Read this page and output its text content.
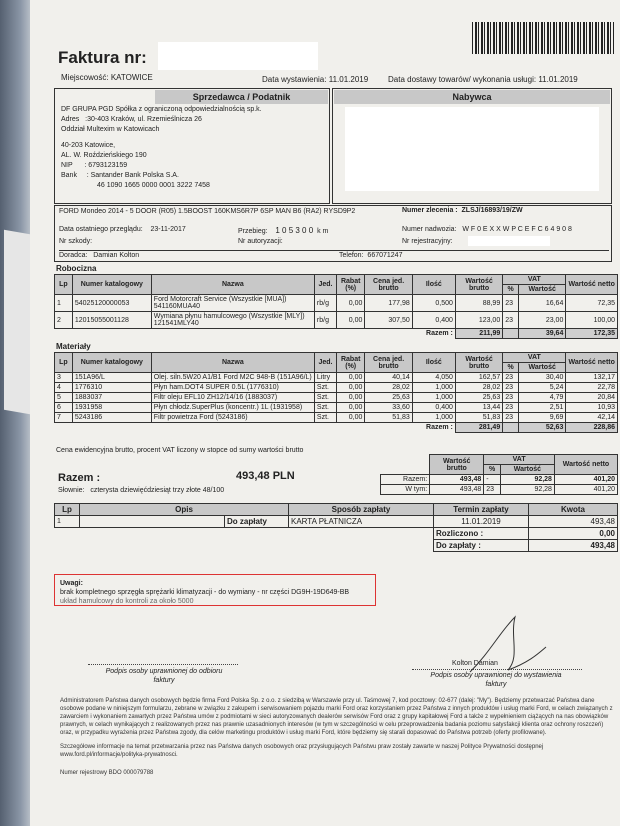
Faktura nr:
Miejscowość: KATOWICE	Data wystawienia: 11.01.2019 Data dostawy towarów/ wykonania usługi: 11.01.2019
Sprzedawca / Podatnik
DF GRUPA PGD Spółka z ograniczoną odpowiedzialnością sp.k.
Adres :30-403 Kraków, ul. Rzemieślnicza 26
Oddział Multexim w Katowicach
40-203 Katowice,
AL. W. Roździeńskiego 190
NIP : 6793123159
Bank : Santander Bank Polska S.A.
46 1090 1665 0000 0001 3222 7458
Nabywca
FORD Mondeo 2014 - 5 DOOR (R05) 1.5BOOST 160KMS6R7P 6SP MAN B6 (RA2) RYSD9P2	Numer zlecenia : ZLSJ/16893/19/ZW
Data ostatniego przeglądu: 23-11-2017	Przebieg: 1 0 5 3 0 0 k m	Numer nadwozia: W F 0 E X X W P C E F C 6 4 9 0 8
Nr szkody:	Nr autoryzacji:	Nr rejestracyjny:
Doradca: Damian Kolton	Telefon: 667071247
Robocizna
Lp	Numer katalogowy	Nazwa	Jed.	Rabat (%)	Cena jed. brutto	Ilość	Wartość brutto	VAT		Wartość netto
								%	Wartość	
1	54025120000053	Ford Motorcraft Service (Wszystkie [MUA]) 541160MUA40	rb/g	0,00	177,98	0,500	88,99	23	16,64	72,35
2	12015055001128	Wymiana płynu hamulcowego (Wszystkie [MLY]) 121541MLY40	rb/g	0,00	307,50	0,400	123,00	23	23,00	100,00
Razem :							211,99		39,64	172,35
Materiały
Lp	Numer katalogowy	Nazwa	Jed.	Rabat (%)	Cena jed. brutto	Ilość	Wartość brutto	VAT		Wartość netto
								%	Wartość	
3	151A96/L	Olej. siln.5W20 A1/B1 Ford M2C 948-B (151A96/L)	Litry	0,00	40,14	4,050	162,57	23	30,40	132,17
4	1776310	Płyn ham.DOT4 SUPER 0.5L (1776310)	Szt.	0,00	28,02	1,000	28,02	23	5,24	22,78
5	1883037	Filtr oleju EFL10 ZH12/14/16 (1883037)	Szt.	0,00	25,63	1,000	25,63	23	4,79	20,84
6	1931958	Płyn chłodz.SuperPlus (koncentr.) 1L (1931958)	Szt.	0,00	33,60	0,400	13,44	23	2,51	10,93
7	5243186	Filtr powietrza Ford (5243186)	Szt.	0,00	51,83	1,000	51,83	23	9,69	42,14
Razem :							281,49		52,63	228,86
Cena ewidencyjna brutto, procent VAT liczony w stopce od sumy wartości brutto
Razem :	493,48 PLN
Słownie: czterysta dziewięćdziesiąt trzy złote 48/100
	Wartość brutto	VAT		Wartość netto
		%	Wartość	
Razem:	493,48	-	92,28	401,20
W tym:	493,48	23	92,28	401,20
Lp	Opis		Sposób zapłaty	Termin zapłaty	Kwota
1		Do zapłaty	KARTA PŁATNICZA	11.01.2019	493,48
				Rozliczono :	0,00
				Do zapłaty :	493,48
Uwagi:
brak kompletnego sprzęgła sprężarki klimatyzacji - do wymiany - nr części DG9H-19D649-BB
układ hamulcowy do kontroli za około 5000
Podpis osoby uprawnionej do odbioru
faktury
Kolton Damian
Podpis osoby uprawnionej do wystawienia
faktury
Administratorem Państwa danych osobowych będzie firma Ford Polska Sp. z o.o. z siedzibą w Warszawie przy ul. Taśmowej 7, kod pocztowy: 02-677 (dalej: "My"). Będziemy przetwarzać Państwa dane osobowe podane w niniejszym formularzu, zebrane w związku z zakupem i serwisowaniem pojazdu marki Ford oraz korzystaniem przez Państwa z innych produktów i usług marki Ford, w celach związanych z zawarciem i wykonaniem zawartych przez Państwa umów z podmiotami w sieci autoryzowanych dealerów serwisów Ford oraz z grupy kapitałowej Ford a także z wypełnieniem ciążących na nas obowiązków prawnych, w celach wynikających z realizowanych przez nas prawnie uzasadnionych interesów (w tym w szczególności w celu przeprowadzenia badania poziomu satysfakcji klienta oraz ochrony roszczeń) oraz, w przypadku wyrażenia przez Państwa zgody, dla celów marketingu produktów i usług marki Ford, które będziemy się starali dopasować do Państwa potrzeb (oferty profilowane).
Szczegółowe informacje na temat przetwarzania przez nas Państwa danych osobowych oraz przysługujących Państwu praw zostały zawarte w naszej Polityce Prywatności dostępnej www.ford.pl/informacje/polityka-prywatnosci.
Numer rejestrowy BDO 000079788
